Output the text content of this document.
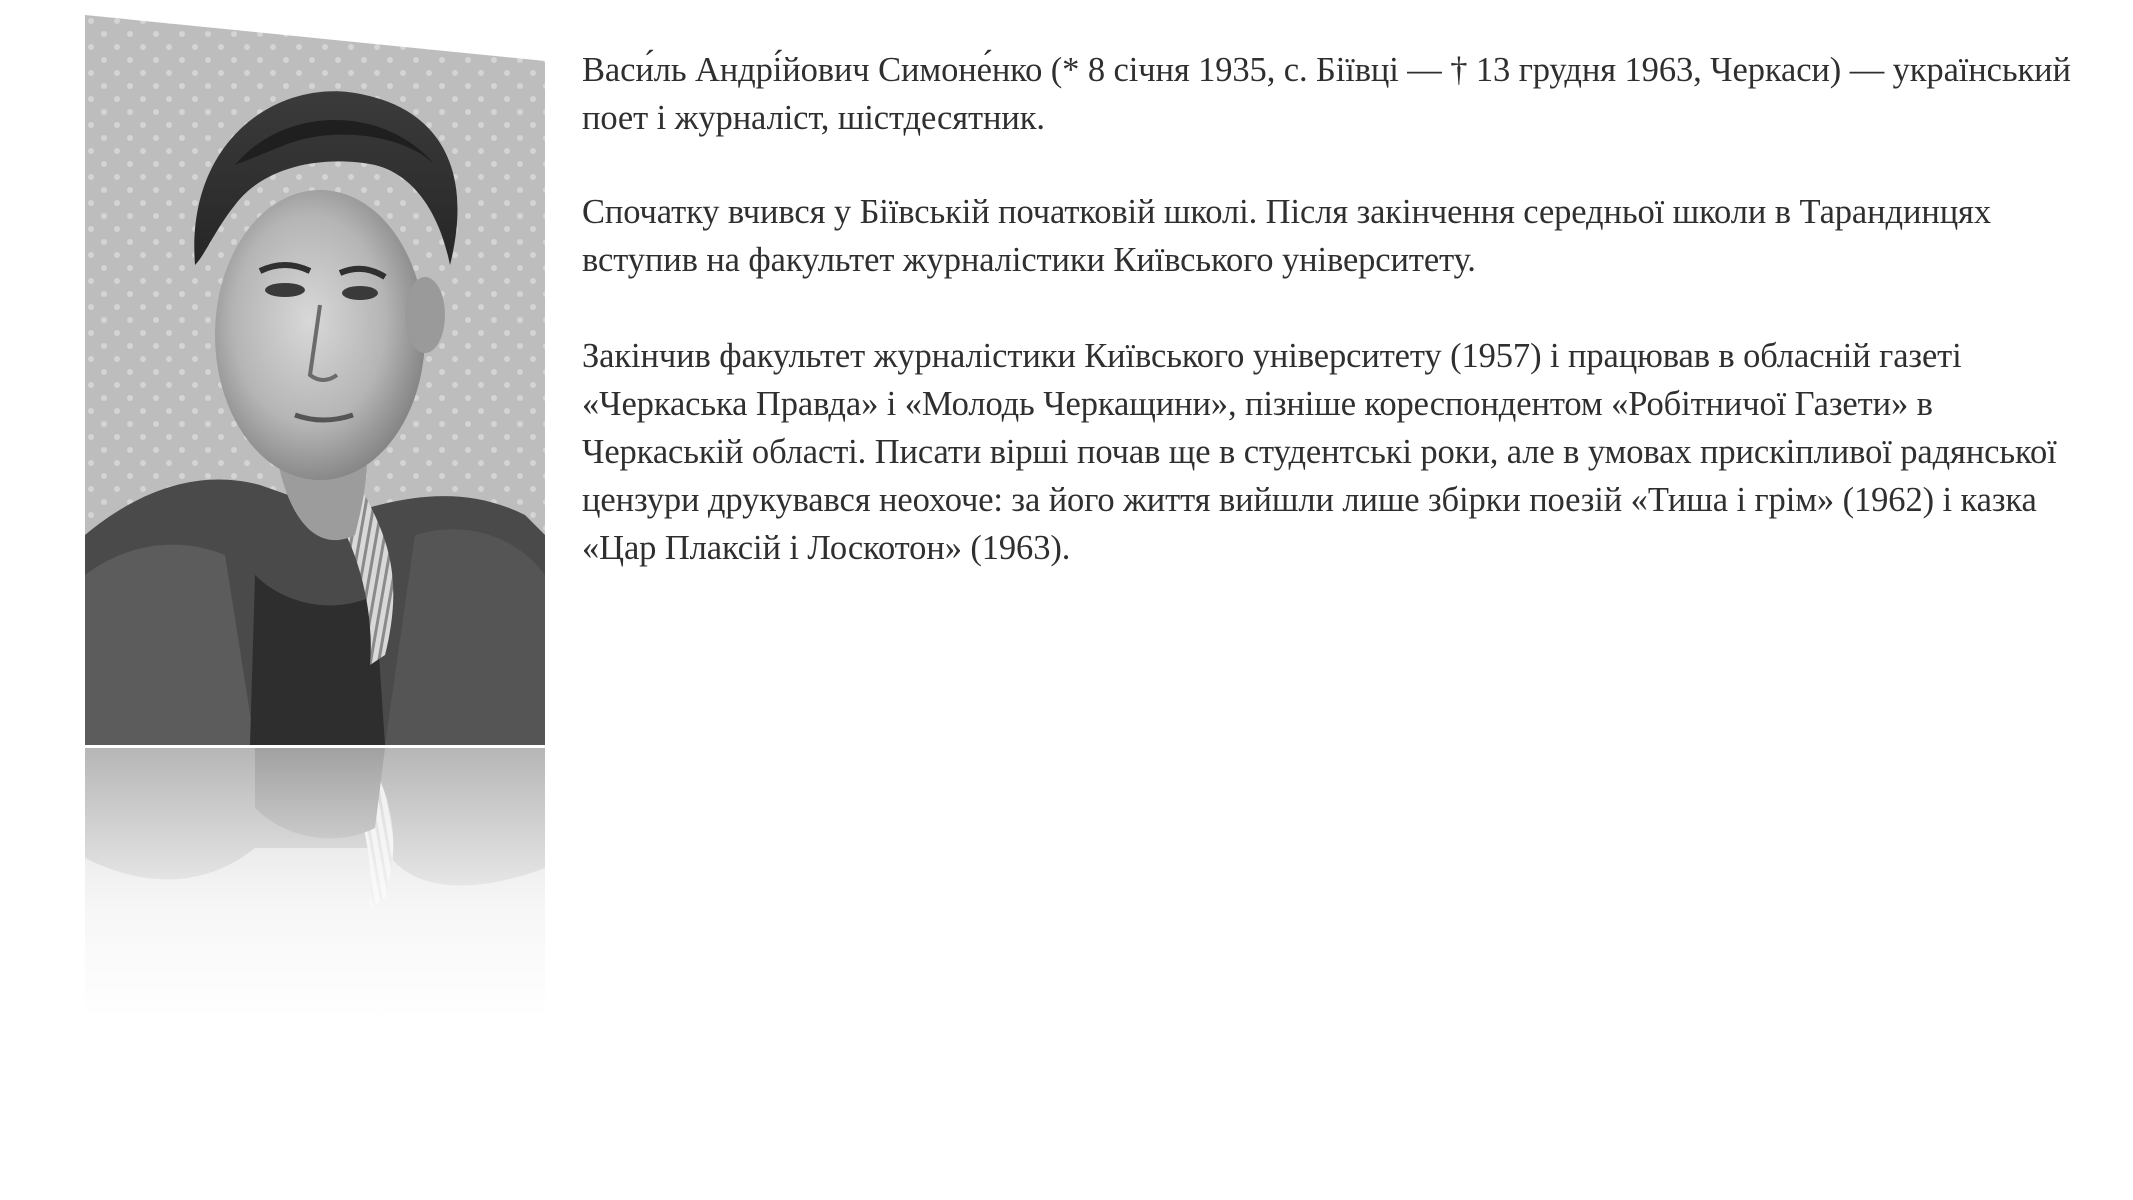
Васи́ль Андрі́йович Симоне́нко (* 8 січня 1935, с. Біївці — † 13 грудня 1963, Черкаси) — український поет і журналіст, шістдесятник.

Спочатку вчився у Біївській початковій школі. Після закінчення середньої школи в Тарандинцях вступив на факультет журналістики Київського університету.

Закінчив факультет журналістики Київського університету (1957) і працював в обласній газеті «Черкаська Правда» і «Молодь Черкащини», пізніше кореспондентом «Робітничої Газети» в Черкаській області. Писати вірші почав ще в студентські роки, але в умовах прискіпливої радянської цензури друкувався неохоче: за його життя вийшли лише збірки поезій «Тиша і грім» (1962) і казка «Цар Плаксій і Лоскотон» (1963).
